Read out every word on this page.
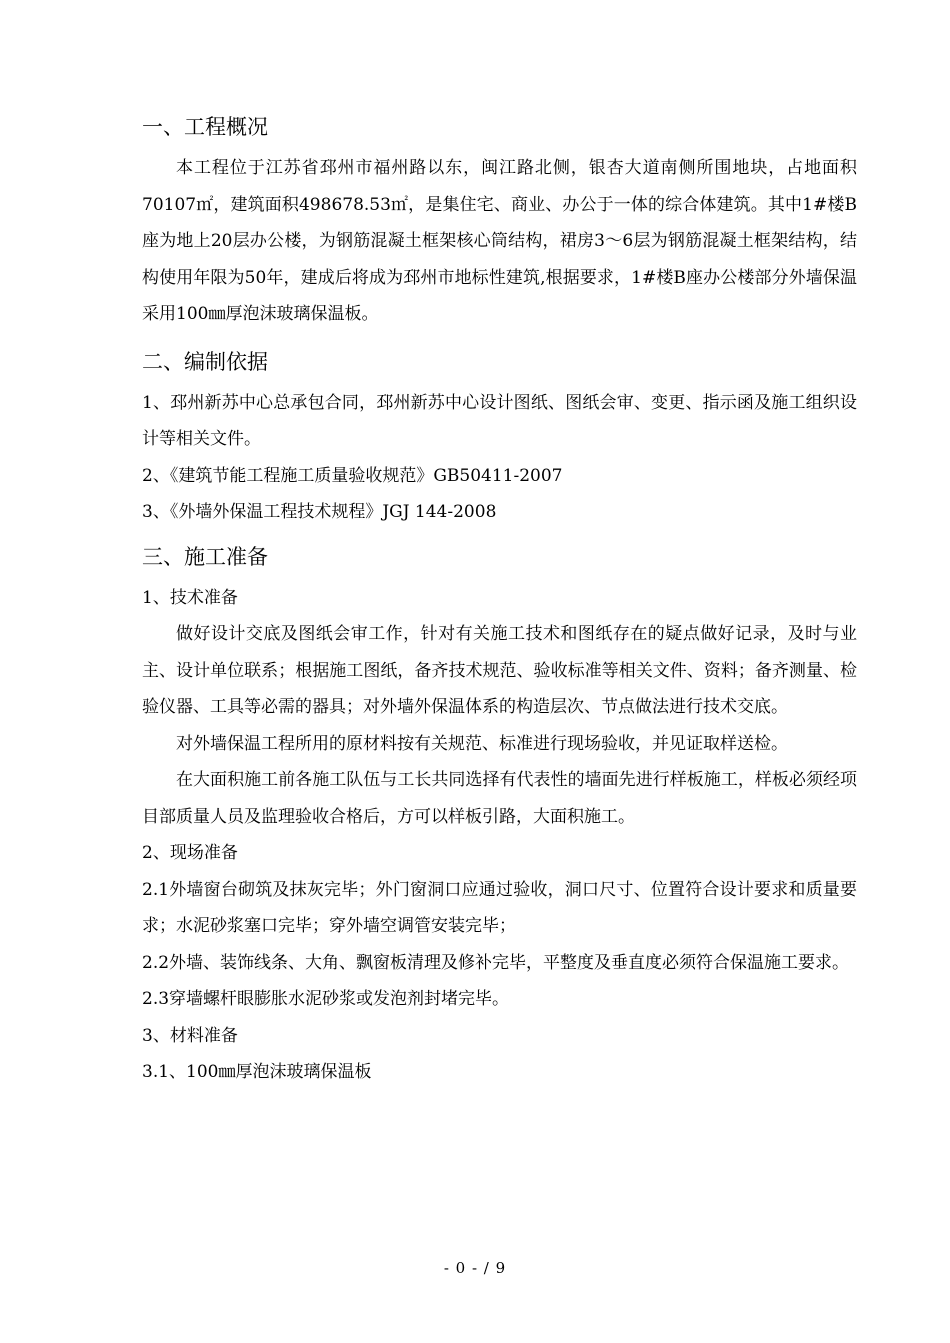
一、工程概况

本工程位于江苏省邳州市福州路以东，闽江路北侧，银杏大道南侧所围地块，占地面积70107㎡，建筑面积498678.53㎡，是集住宅、商业、办公于一体的综合体建筑。其中1#楼B座为地上20层办公楼，为钢筋混凝土框架核心筒结构，裙房3～6层为钢筋混凝土框架结构，结构使用年限为50年，建成后将成为邳州市地标性建筑,根据要求，1#楼B座办公楼部分外墙保温采用100㎜厚泡沫玻璃保温板。

二、编制依据

1、邳州新苏中心总承包合同，邳州新苏中心设计图纸、图纸会审、变更、指示函及施工组织设计等相关文件。

2、《建筑节能工程施工质量验收规范》GB50411-2007

3、《外墙外保温工程技术规程》JGJ 144-2008

三、施工准备

1、技术准备

做好设计交底及图纸会审工作，针对有关施工技术和图纸存在的疑点做好记录，及时与业主、设计单位联系；根据施工图纸，备齐技术规范、验收标准等相关文件、资料；备齐测量、检验仪器、工具等必需的器具；对外墙外保温体系的构造层次、节点做法进行技术交底。

对外墙保温工程所用的原材料按有关规范、标准进行现场验收，并见证取样送检。

在大面积施工前各施工队伍与工长共同选择有代表性的墙面先进行样板施工，样板必须经项目部质量人员及监理验收合格后，方可以样板引路，大面积施工。

2、现场准备

2.1外墙窗台砌筑及抹灰完毕；外门窗洞口应通过验收，洞口尺寸、位置符合设计要求和质量要求；水泥砂浆塞口完毕；穿外墙空调管安装完毕；

2.2外墙、装饰线条、大角、飘窗板清理及修补完毕，平整度及垂直度必须符合保温施工要求。

2.3穿墙螺杆眼膨胀水泥砂浆或发泡剂封堵完毕。

3、材料准备

3.1、100㎜厚泡沫玻璃保温板

- 0 - / 9
